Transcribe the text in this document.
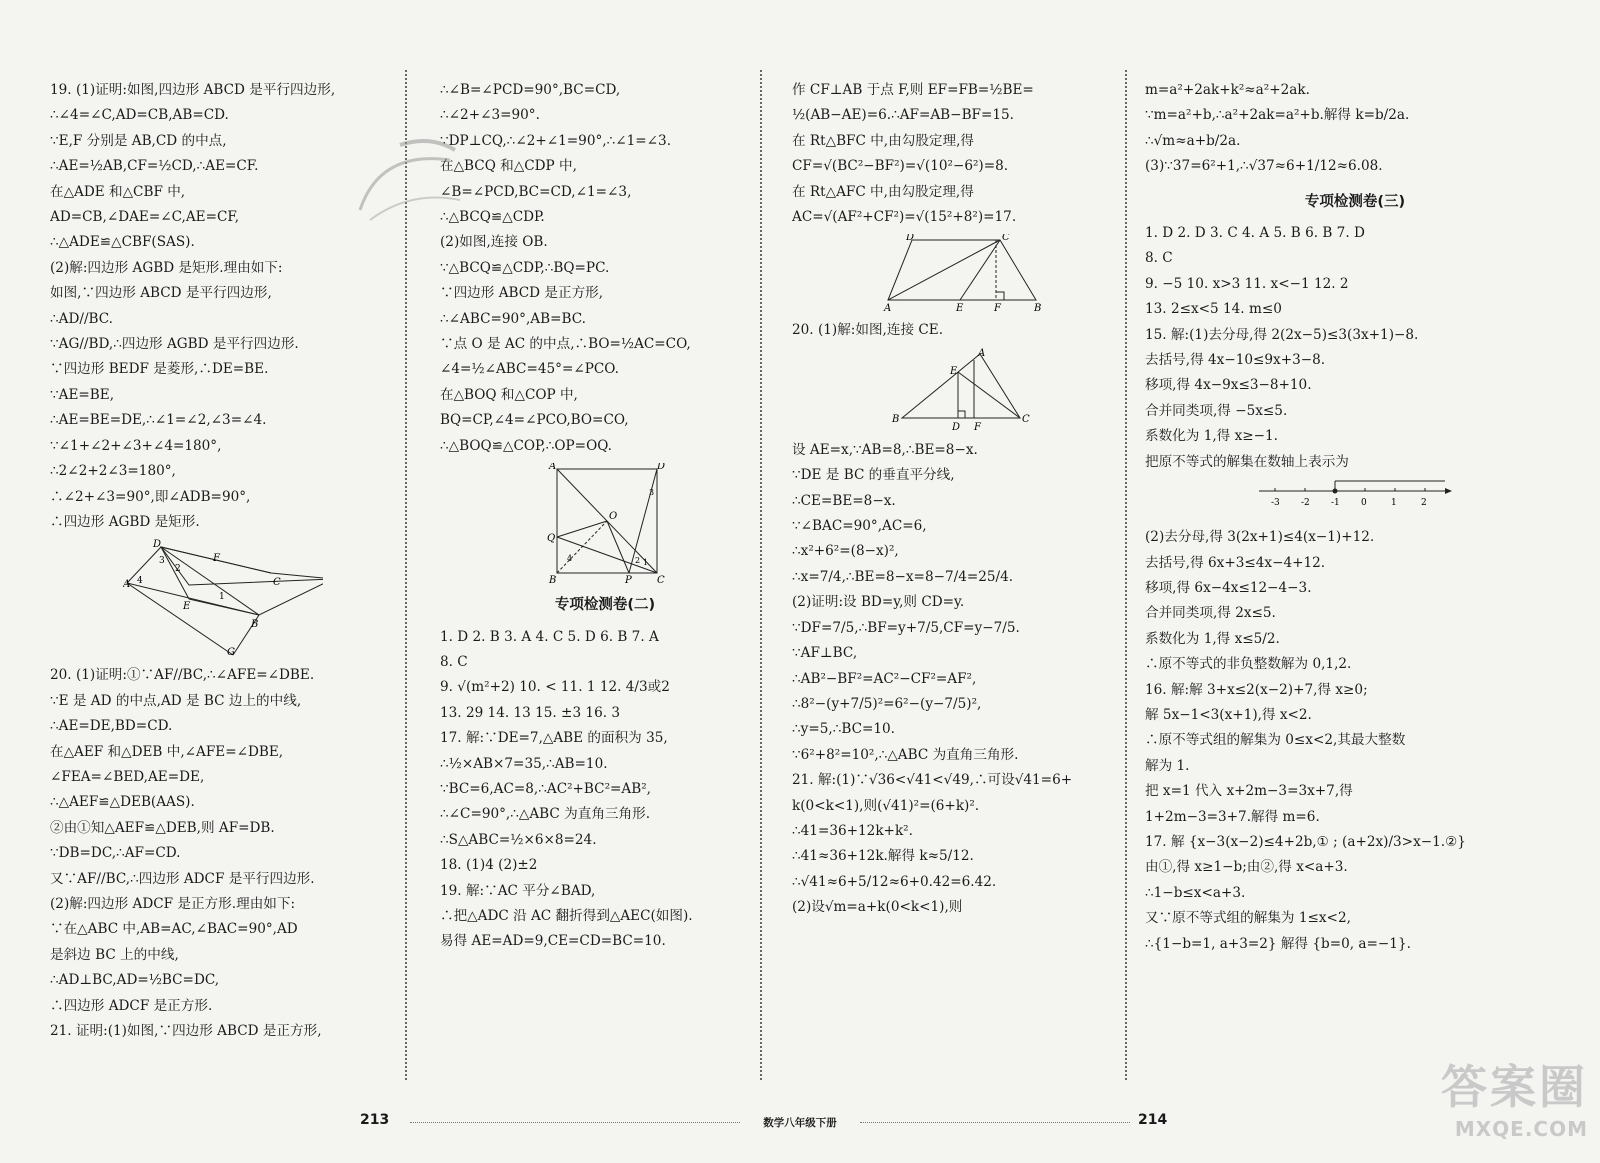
19. (1)证明:如图,四边形 ABCD 是平行四边形,
∴∠4=∠C,AD=CB,AB=CD.
∵E,F 分别是 AB,CD 的中点,
∴AE=½AB,CF=½CD,∴AE=CF.
在△ADE 和△CBF 中,
AD=CB,∠DAE=∠C,AE=CF,
∴△ADE≌△CBF(SAS).
(2)解:四边形 AGBD 是矩形.理由如下:
如图,∵四边形 ABCD 是平行四边形,
∴AD//BC.
∵AG//BD,∴四边形 AGBD 是平行四边形.
∵四边形 BEDF 是菱形,∴DE=BE.
∵AE=BE,
∴AE=BE=DE,∴∠1=∠2,∠3=∠4.
∵∠1+∠2+∠3+∠4=180°,
∴2∠2+2∠3=180°,
∴∠2+∠3=90°,即∠ADB=90°,
∴四边形 AGBD 是矩形.
D
F
C
A
E
B
G
1
2
3
4
20. (1)证明:①∵AF//BC,∴∠AFE=∠DBE.
∵E 是 AD 的中点,AD 是 BC 边上的中线,
∴AE=DE,BD=CD.
在△AEF 和△DEB 中,∠AFE=∠DBE,
∠FEA=∠BED,AE=DE,
∴△AEF≌△DEB(AAS).
②由①知△AEF≌△DEB,则 AF=DB.
∵DB=DC,∴AF=CD.
又∵AF//BC,∴四边形 ADCF 是平行四边形.
(2)解:四边形 ADCF 是正方形.理由如下:
∵在△ABC 中,AB=AC,∠BAC=90°,AD
是斜边 BC 上的中线,
∴AD⊥BC,AD=½BC=DC,
∴四边形 ADCF 是正方形.
21. 证明:(1)如图,∵四边形 ABCD 是正方形,
∴∠B=∠PCD=90°,BC=CD,
∴∠2+∠3=90°.
∵DP⊥CQ,∴∠2+∠1=90°,∴∠1=∠3.
在△BCQ 和△CDP 中,
∠B=∠PCD,BC=CD,∠1=∠3,
∴△BCQ≌△CDP.
(2)如图,连接 OB.
∵△BCQ≌△CDP,∴BQ=PC.
∵四边形 ABCD 是正方形,
∴∠ABC=90°,AB=BC.
∵点 O 是 AC 的中点,∴BO=½AC=CO,
∠4=½∠ABC=45°=∠PCO.
在△BOQ 和△COP 中,
BQ=CP,∠4=∠PCO,BO=CO,
∴△BOQ≌△COP,∴OP=OQ.
A	D
O
Q
B	P	C
1
2
3
4
专项检测卷(二)
1. D 2. B 3. A 4. C 5. D 6. B 7. A
8. C
9. √(m²+2) 10. < 11. 1 12. 4/3或2
13. 29 14. 13 15. ±3 16. 3
17. 解:∵DE=7,△ABE 的面积为 35,
∴½×AB×7=35,∴AB=10.
∵BC=6,AC=8,∴AC²+BC²=AB²,
∴∠C=90°,∴△ABC 为直角三角形.
∴S△ABC=½×6×8=24.
18. (1)4 (2)±2
19. 解:∵AC 平分∠BAD,
∴把△ADC 沿 AC 翻折得到△AEC(如图).
易得 AE=AD=9,CE=CD=BC=10.
作 CF⊥AB 于点 F,则 EF=FB=½BE=
½(AB−AE)=6.∴AF=AB−BF=15.
在 Rt△BFC 中,由勾股定理,得
CF=√(BC²−BF²)=√(10²−6²)=8.
在 Rt△AFC 中,由勾股定理,得
AC=√(AF²+CF²)=√(15²+8²)=17.
D	C
A	E	F	B
20. (1)解:如图,连接 CE.
E
A
B
D F
C
设 AE=x,∵AB=8,∴BE=8−x.
∵DE 是 BC 的垂直平分线,
∴CE=BE=8−x.
∵∠BAC=90°,AC=6,
∴x²+6²=(8−x)²,
∴x=7/4,∴BE=8−x=8−7/4=25/4.
(2)证明:设 BD=y,则 CD=y.
∵DF=7/5,∴BF=y+7/5,CF=y−7/5.
∵AF⊥BC,
∴AB²−BF²=AC²−CF²=AF²,
∴8²−(y+7/5)²=6²−(y−7/5)²,
∴y=5,∴BC=10.
∵6²+8²=10²,∴△ABC 为直角三角形.
21. 解:(1)∵√36<√41<√49,∴可设√41=6+
k(0<k<1),则(√41)²=(6+k)².
∴41=36+12k+k².
∴41≈36+12k.解得 k≈5/12.
∴√41≈6+5/12≈6+0.42=6.42.
(2)设√m=a+k(0<k<1),则
m=a²+2ak+k²≈a²+2ak.
∵m=a²+b,∴a²+2ak=a²+b.解得 k=b/2a.
∴√m≈a+b/2a.
(3)∵37=6²+1,∴√37≈6+1/12≈6.08.
专项检测卷(三)
1. D 2. D 3. C 4. A 5. B 6. B 7. D
8. C
9. −5 10. x>3 11. x<−1 12. 2
13. 2≤x<5 14. m≤0
15. 解:(1)去分母,得 2(2x−5)≤3(3x+1)−8.
去括号,得 4x−10≤9x+3−8.
移项,得 4x−9x≤3−8+10.
合并同类项,得 −5x≤5.
系数化为 1,得 x≥−1.
把原不等式的解集在数轴上表示为
-3 -2 -1 0	1	2
(2)去分母,得 3(2x+1)≤4(x−1)+12.
去括号,得 6x+3≤4x−4+12.
移项,得 6x−4x≤12−4−3.
合并同类项,得 2x≤5.
系数化为 1,得 x≤5/2.
∴原不等式的非负整数解为 0,1,2.
16. 解:解 3+x≤2(x−2)+7,得 x≥0;
解 5x−1<3(x+1),得 x<2.
∴原不等式组的解集为 0≤x<2,其最大整数
解为 1.
把 x=1 代入 x+2m−3=3x+7,得
1+2m−3=3+7.解得 m=6.
17. 解 {x−3(x−2)≤4+2b,① ; (a+2x)/3>x−1.②}
由①,得 x≥1−b;由②,得 x<a+3.
∴1−b≤x<a+3.
又∵原不等式组的解集为 1≤x<2,
∴{1−b=1, a+3=2} 解得 {b=0, a=−1}.
213	数学八年级下册	214
答案圈
MXQE.COM
